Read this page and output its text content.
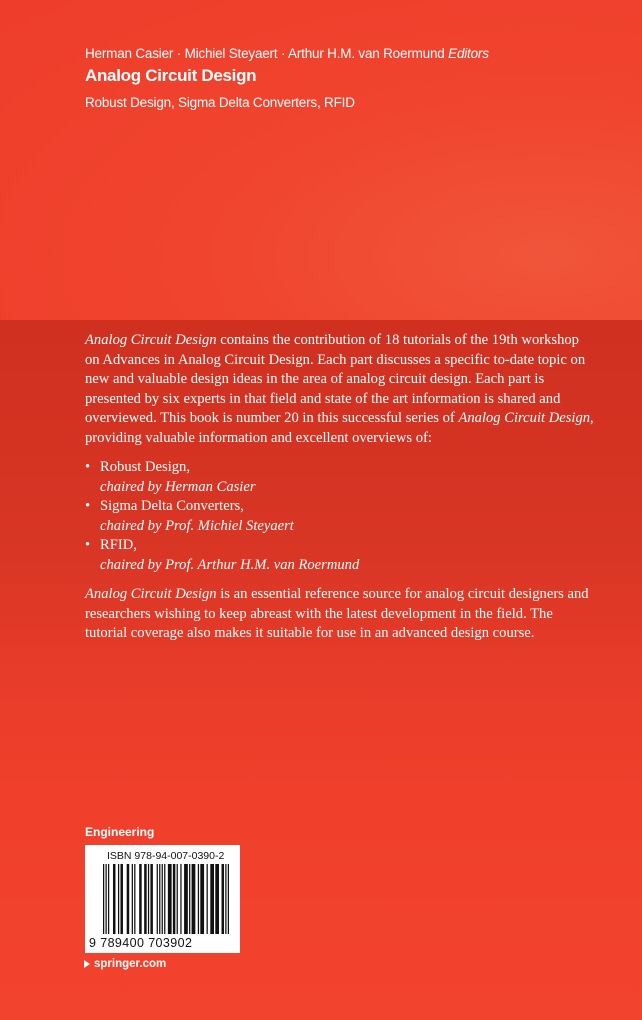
Herman Casier · Michiel Steyaert · Arthur H.M. van Roermund Editors
Analog Circuit Design
Robust Design, Sigma Delta Converters, RFID

Analog Circuit Design contains the contribution of 18 tutorials of the 19th workshop on Advances in Analog Circuit Design. Each part discusses a specific to-date topic on new and valuable design ideas in the area of analog circuit design. Each part is presented by six experts in that field and state of the art information is shared and overviewed. This book is number 20 in this successful series of Analog Circuit Design, providing valuable information and excellent overviews of:

• Robust Design,
chaired by Herman Casier
• Sigma Delta Converters,
chaired by Prof. Michiel Steyaert
• RFID,
chaired by Prof. Arthur H.M. van Roermund

Analog Circuit Design is an essential reference source for analog circuit designers and researchers wishing to keep abreast with the latest development in the field. The tutorial coverage also makes it suitable for use in an advanced design course.

Engineering
ISBN 978-94-007-0390-2
9 789400 703902
springer.com
